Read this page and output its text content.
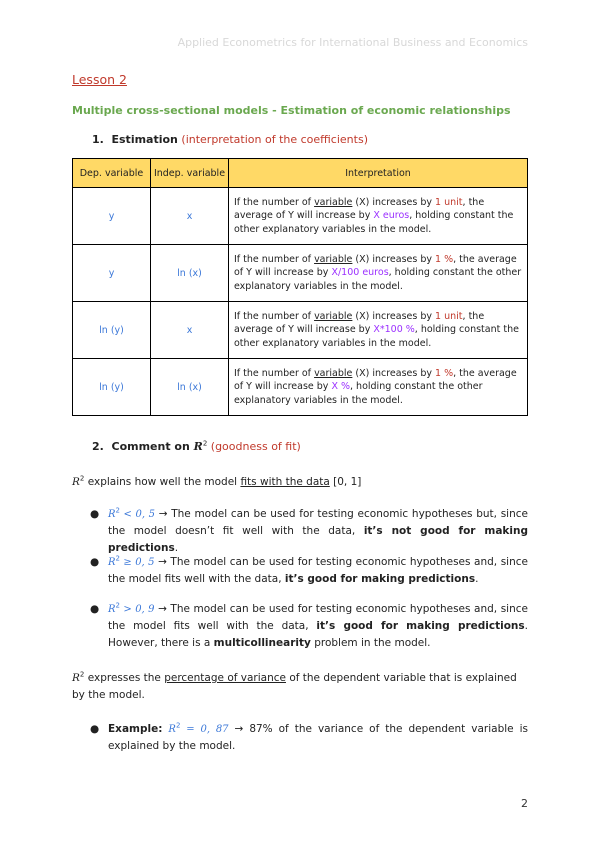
Applied Econometrics for International Business and Economics
Lesson 2
Multiple cross-sectional models - Estimation of economic relationships
1. Estimation (interpretation of the coefficients)
Dep. variable	Indep. variable	Interpretation
y	x	If the number of variable (X) increases by 1 unit, the average of Y will increase by X euros, holding constant the other explanatory variables in the model.
y	ln (x)	If the number of variable (X) increases by 1 %, the average of Y will increase by X/100 euros, holding constant the other explanatory variables in the model.
ln (y)	x	If the number of variable (X) increases by 1 unit, the average of Y will increase by X*100 %, holding constant the other explanatory variables in the model.
ln (y)	ln (x)	If the number of variable (X) increases by 1 %, the average of Y will increase by X %, holding constant the other explanatory variables in the model.
2. Comment on $R^2$ (goodness of fit)
$R^2$ explains how well the model fits with the data [0, 1]
● $R^2 < 0$, 5 → The model can be used for testing economic hypotheses but, since the model doesn’t fit well with the data, it’s not good for making predictions.
● $R^2 \ge 0$, 5 → The model can be used for testing economic hypotheses and, since the model fits well with the data, it’s good for making predictions.
● $R^2 > 0$, 9 → The model can be used for testing economic hypotheses and, since the model fits well with the data, it’s good for making predictions. However, there is a multicollinearity problem in the model.
$R^2$ expresses the percentage of variance of the dependent variable that is explained by the model.
● Example: $R^2 = 0$, 87 → 87% of the variance of the dependent variable is explained by the model.
2
